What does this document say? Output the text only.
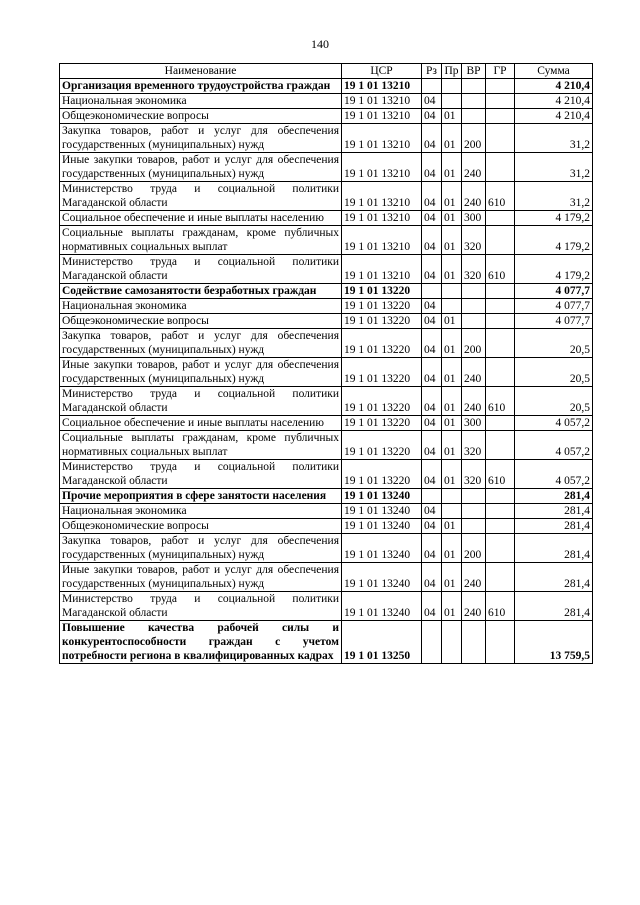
140
Наименование	ЦСР	Рз	Пр	ВР	ГР	Сумма
Организация временного трудоустройства граждан	19 1 01 13210					4 210,4
Национальная экономика	19 1 01 13210	04				4 210,4
Общеэкономические вопросы	19 1 01 13210	04	01			4 210,4
Закупка товаров, работ и услуг для обеспечения государственных (муниципальных) нужд	19 1 01 13210	04	01	200		31,2
Иные закупки товаров, работ и услуг для обеспечения государственных (муниципальных) нужд	19 1 01 13210	04	01	240		31,2
Министерство труда и социальной политики Магаданской области	19 1 01 13210	04	01	240	610	31,2
Социальное обеспечение и иные выплаты населению	19 1 01 13210	04	01	300		4 179,2
Социальные выплаты гражданам, кроме публичных нормативных социальных выплат	19 1 01 13210	04	01	320		4 179,2
Министерство труда и социальной политики Магаданской области	19 1 01 13210	04	01	320	610	4 179,2
Содействие самозанятости безработных граждан	19 1 01 13220					4 077,7
Национальная экономика	19 1 01 13220	04				4 077,7
Общеэкономические вопросы	19 1 01 13220	04	01			4 077,7
Закупка товаров, работ и услуг для обеспечения государственных (муниципальных) нужд	19 1 01 13220	04	01	200		20,5
Иные закупки товаров, работ и услуг для обеспечения государственных (муниципальных) нужд	19 1 01 13220	04	01	240		20,5
Министерство труда и социальной политики Магаданской области	19 1 01 13220	04	01	240	610	20,5
Социальное обеспечение и иные выплаты населению	19 1 01 13220	04	01	300		4 057,2
Социальные выплаты гражданам, кроме публичных нормативных социальных выплат	19 1 01 13220	04	01	320		4 057,2
Министерство труда и социальной политики Магаданской области	19 1 01 13220	04	01	320	610	4 057,2
Прочие мероприятия в сфере занятости населения	19 1 01 13240					281,4
Национальная экономика	19 1 01 13240	04				281,4
Общеэкономические вопросы	19 1 01 13240	04	01			281,4
Закупка товаров, работ и услуг для обеспечения государственных (муниципальных) нужд	19 1 01 13240	04	01	200		281,4
Иные закупки товаров, работ и услуг для обеспечения государственных (муниципальных) нужд	19 1 01 13240	04	01	240		281,4
Министерство труда и социальной политики Магаданской области	19 1 01 13240	04	01	240	610	281,4
Повышение качества рабочей силы и конкурентоспособности граждан с учетом потребности региона в квалифицированных кадрах	19 1 01 13250					13 759,5
